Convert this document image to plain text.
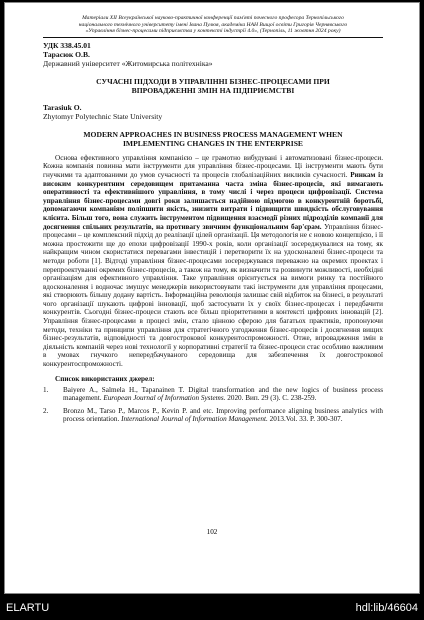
Матеріали XII Всеукраїнської науково-практичної конференції пам'яті почесного професора Тернопільського
національного технічного університету імені Івана Пулюя, академіка НАН Вищої освіти Григорія Чернявського
«Управління бізнес-процесами підприємства у контексті індустрії 4.0», (Тернопіль, 11 жовтня 2024 року)
УДК 338.45.01
Тарасюк О.В.
Державний університет «Житомирська політехніка»
СУЧАСНІ ПІДХОДИ В УПРАВЛІННІ БІЗНЕС-ПРОЦЕСАМИ ПРИ
ВПРОВАДЖЕННІ ЗМІН НА ПІДПРИЄМСТВІ
Tarasiuk O.
Zhytomyr Polytechnic State University
MODERN APPROACHES IN BUSINESS PROCESS MANAGEMENT WHEN
IMPLEMENTING CHANGES IN THE ENTERPRISE

Основа ефективного управління компанією – це грамотно вибудувані і автоматизовані бізнес-процеси. Кожна компанія повинна мати інструменти для управління бізнес-процесами. Ці інструменти мають бути гнучкими та адаптованими до умов сучасності та процесів глобалізаційних викликів сучасності. Ринкам із високим конкурентним середовищем притаманна часта зміна бізнес-процесів, які вимагають оперативності та ефективнішого управління, в тому числі і через процеси цифровізації. Система управління бізнес-процесами довгі роки залишається надійною підмогою в конкурентній боротьбі, допомагаючи компаніям поліпшити якість, знизити витрати і підвищити швидкість обслуговування клієнта. Більш того, вона служить інструментом підвищення взаємодії різних підрозділів компанії для досягнення спільних результатів, на противагу звичним функціональним бар'єрам. Управління бізнес-процесами – це комплексний підхід до реалізації цілей організації. Ця методологія не є новою концепцією, і її можна простежити ще до епохи цифровізації 1990-х років, коли організації зосереджувалися на тому, як найкращим чином скористатися перевагами інвестицій і перетворити їх на удосконалені бізнес-процеси та методи роботи [1]. Відтоді управління бізнес-процесами зосереджувався переважно на окремих проектах і перепроектуванні окремих бізнес-процесів, а також на тому, як визначити та розвинути можливості, необхідні організаціям для ефективного управління. Таке управління орієнтується на вимоги ринку та постійного вдосконалення і водночас змушує менеджерів використовувати такі інструменти для управління процесами, які створюють більшу додану вартість. Інформаційна революція залишає свій відбиток на бізнесі, в результаті чого організації шукають цифрові інновації, щоб застосувати їх у своїх бізнес-процесах і передбачити конкурентів. Сьогодні бізнес-процеси стають все більш пріоритетними в контексті цифрових інновацій [2]. Управління бізнес-процесами в процесі змін, стало цінною сферою для багатьох практиків, пропонуючи методи, техніки та принципи управління для стратегічного узгодження бізнес-процесів і досягнення вищих бізнес-результатів, відповідності та довгострокової конкурентоспроможності. Отже, впровадження змін в діяльність компаній через нові технології у корпоративні стратегії та бізнес-процеси стає особливо важливим в умовах гнучкого непередбачуваного середовища для забезпечення їх довгострокової конкурентоспроможності.

Список використаних джерел:
1.	Baiyere A., Salmela H., Tapanainen T. Digital transformation and the new logics of business process management. European Journal of Information Systems. 2020. Вип. 29 (3). С. 238-259.
2.	Bronzo M., Tarso P., Marcos P., Kevin P. and etc. Improving performance aligning business analytics with process orientation. International Journal of Information Management. 2013.Vol. 33. P. 300-307.
102
ELARTU	hdl:lib/46604
